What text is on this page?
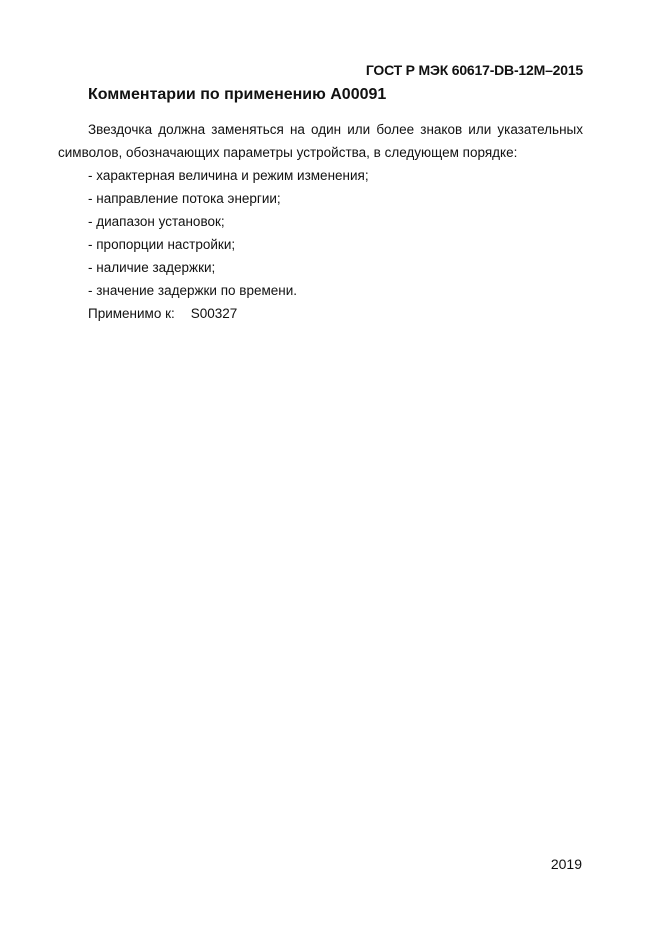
ГОСТ Р МЭК 60617-DB-12M–2015
Комментарии по применению A00091

Звездочка должна заменяться на один или более знаков или указательных символов, обозначающих параметры устройства, в следующем порядке:

- характерная величина и режим изменения;
- направление потока энергии;
- диапазон установок;
- пропорции настройки;
- наличие задержки;
- значение задержки по времени.
Применимо к: S00327
2019
